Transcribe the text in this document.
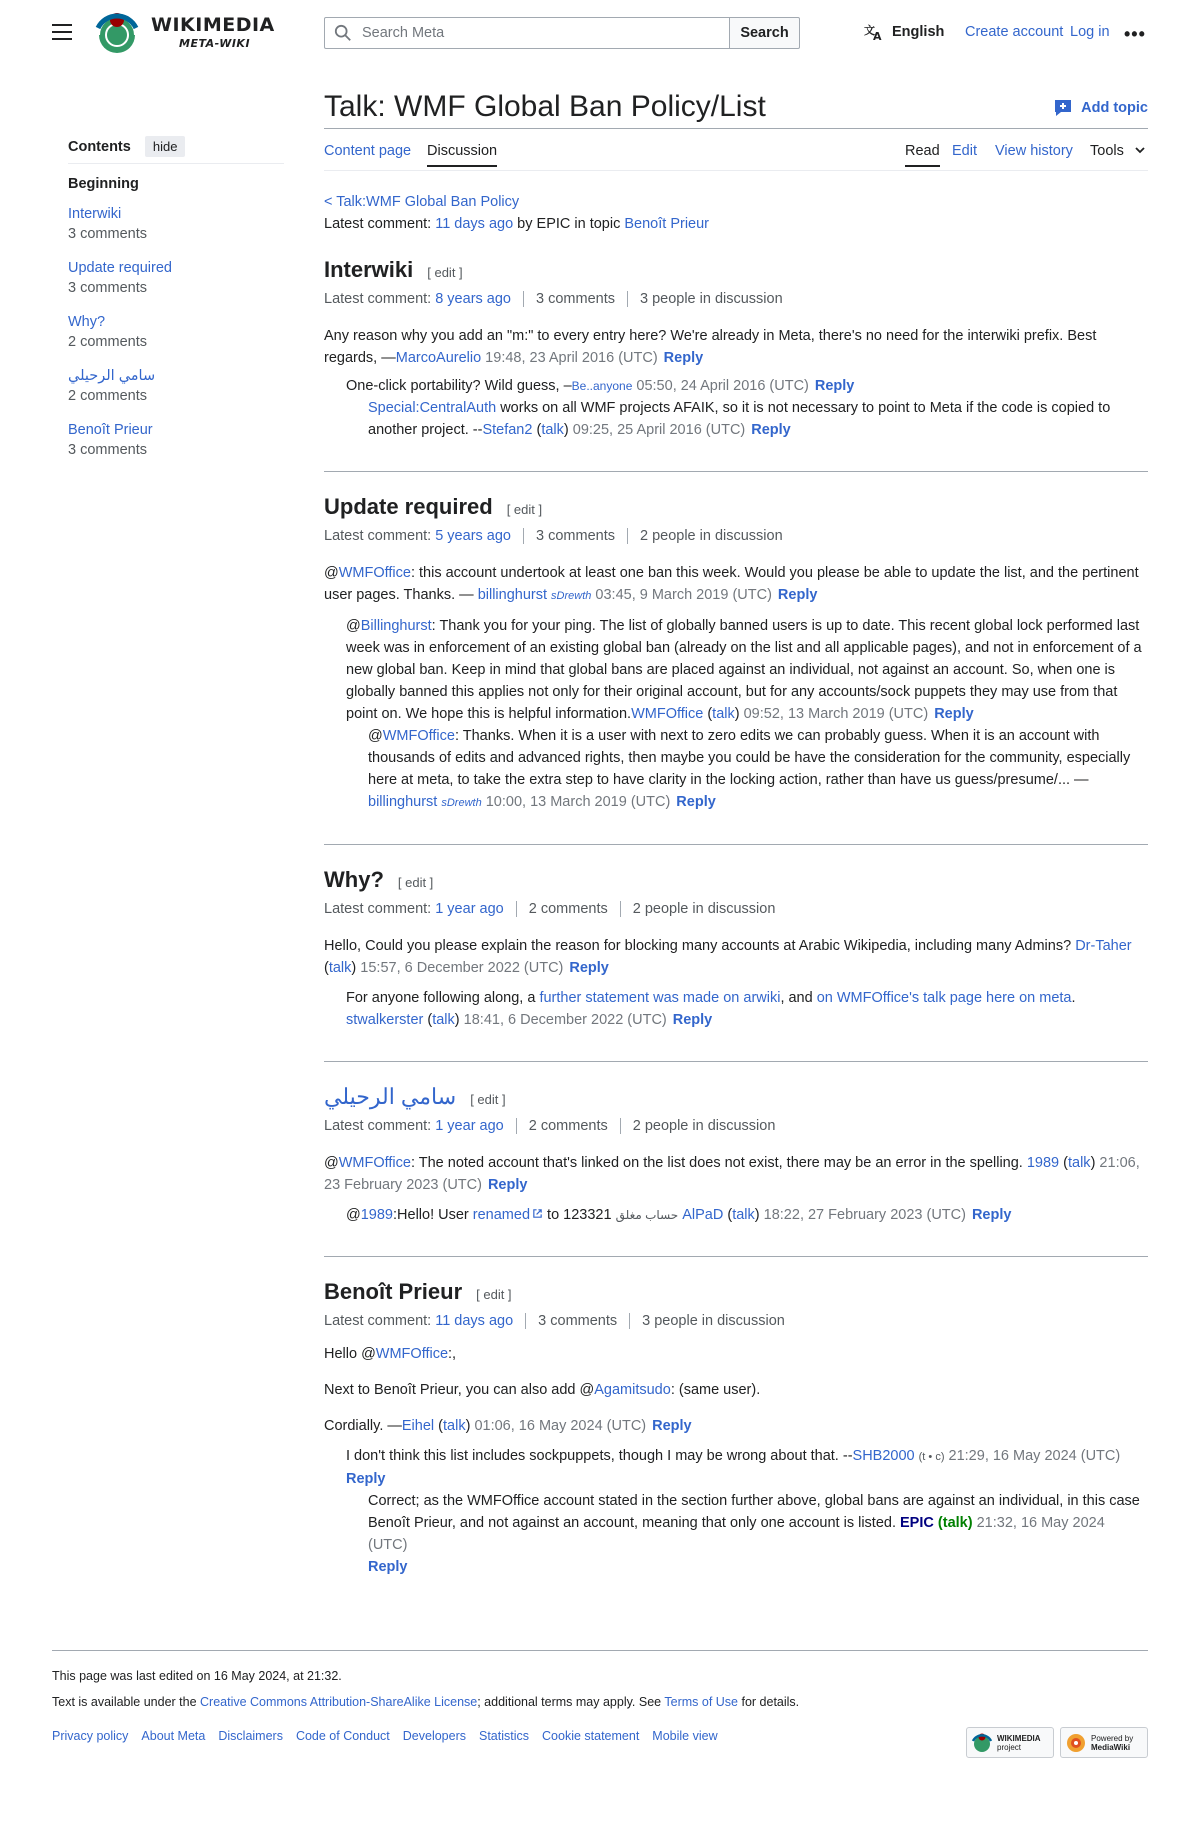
WIKIMEDIA
META-WIKI
Search Meta
Search	文
A English Create account Log in •••
Contents	hide
Beginning
Interwiki
3 comments
Update required
3 comments
Why?
2 comments
سامي الرحيلي
2 comments
Benoît Prieur
3 comments
Talk: WMF Global Ban Policy/List	Add topic
Content page Discussion	Read Edit View history Tools
< Talk:WMF Global Ban Policy
Latest comment: 11 days ago by EPIC in topic Benoît Prieur
Interwiki [ edit ]
Latest comment:
8 years ago 3 comments 3 people in discussion
Any reason why you add an "m:" to every entry here? We're already in Meta, there's no need for the interwiki prefix. Best regards, —MarcoAurelio 19:48, 23 April 2016 (UTC) Reply
One-click portability? Wild guess, –Be..anyone 05:50, 24 April 2016 (UTC) Reply
Special:CentralAuth works on all WMF projects AFAIK, so it is not necessary to point to Meta if the code is copied to another project. --Stefan2 (talk) 09:25, 25 April 2016 (UTC) Reply
Update required [ edit ]
Latest comment:
5 years ago 3 comments 2 people in discussion
@WMFOffice: this account undertook at least one ban this week. Would you please be able to update the list, and the pertinent user pages. Thanks. — billinghurst sDrewth 03:45, 9 March 2019 (UTC) Reply
@Billinghurst: Thank you for your ping. The list of globally banned users is up to date. This recent global lock performed last week was in enforcement of an existing global ban (already on the list and all applicable pages), and not in enforcement of a new global ban. Keep in mind that global bans are placed against an individual, not against an account. So, when one is globally banned this applies not only for their original account, but for any accounts/sock puppets they may use from that point on. We hope this is helpful information.WMFOffice (talk) 09:52, 13 March 2019 (UTC) Reply
@WMFOffice: Thanks. When it is a user with next to zero edits we can probably guess. When it is an account with thousands of edits and advanced rights, then maybe you could be have the consideration for the community, especially here at meta, to take the extra step to have clarity in the locking action, rather than have us guess/presume/... — billinghurst sDrewth 10:00, 13 March 2019 (UTC) Reply
Why? [ edit ]
Latest comment:
1 year ago 2 comments 2 people in discussion
Hello, Could you please explain the reason for blocking many accounts at Arabic Wikipedia, including many Admins? Dr-Taher (talk) 15:57, 6 December 2022 (UTC) Reply
For anyone following along, a further statement was made on arwiki, and on WMFOffice's talk page here on meta.
stwalkerster (talk) 18:41, 6 December 2022 (UTC) Reply
سامي الرحيلي [ edit ]
Latest comment:
1 year ago 2 comments 2 people in discussion
@WMFOffice: The noted account that's linked on the list does not exist, there may be an error in the spelling. 1989 (talk) 21:06, 23 February 2023 (UTC) Reply
@1989:Hello! User renamed to 123321 حساب مغلق AlPaD (talk) 18:22, 27 February 2023 (UTC) Reply
Benoît Prieur [ edit ]
Latest comment:
11 days ago 3 comments 3 people in discussion
Hello @WMFOffice:,
Next to Benoît Prieur, you can also add @Agamitsudo: (same user).
Cordially. —Eihel (talk) 01:06, 16 May 2024 (UTC) Reply
I don't think this list includes sockpuppets, though I may be wrong about that. --SHB2000 (t • c) 21:29, 16 May 2024 (UTC)
Reply
Correct; as the WMFOffice account stated in the section further above, global bans are against an individual, in this case Benoît Prieur, and not against an account, meaning that only one account is listed. EPIC (talk) 21:32, 16 May 2024 (UTC)
Reply
This page was last edited on 16 May 2024, at 21:32.
Text is available under the Creative Commons Attribution-ShareAlike License; additional terms may apply. See Terms of Use for details.
Privacy policy About Meta Disclaimers Code of Conduct Developers Statistics Cookie statement Mobile view	WIKIMEDIA
project
Powered by
MediaWiki
